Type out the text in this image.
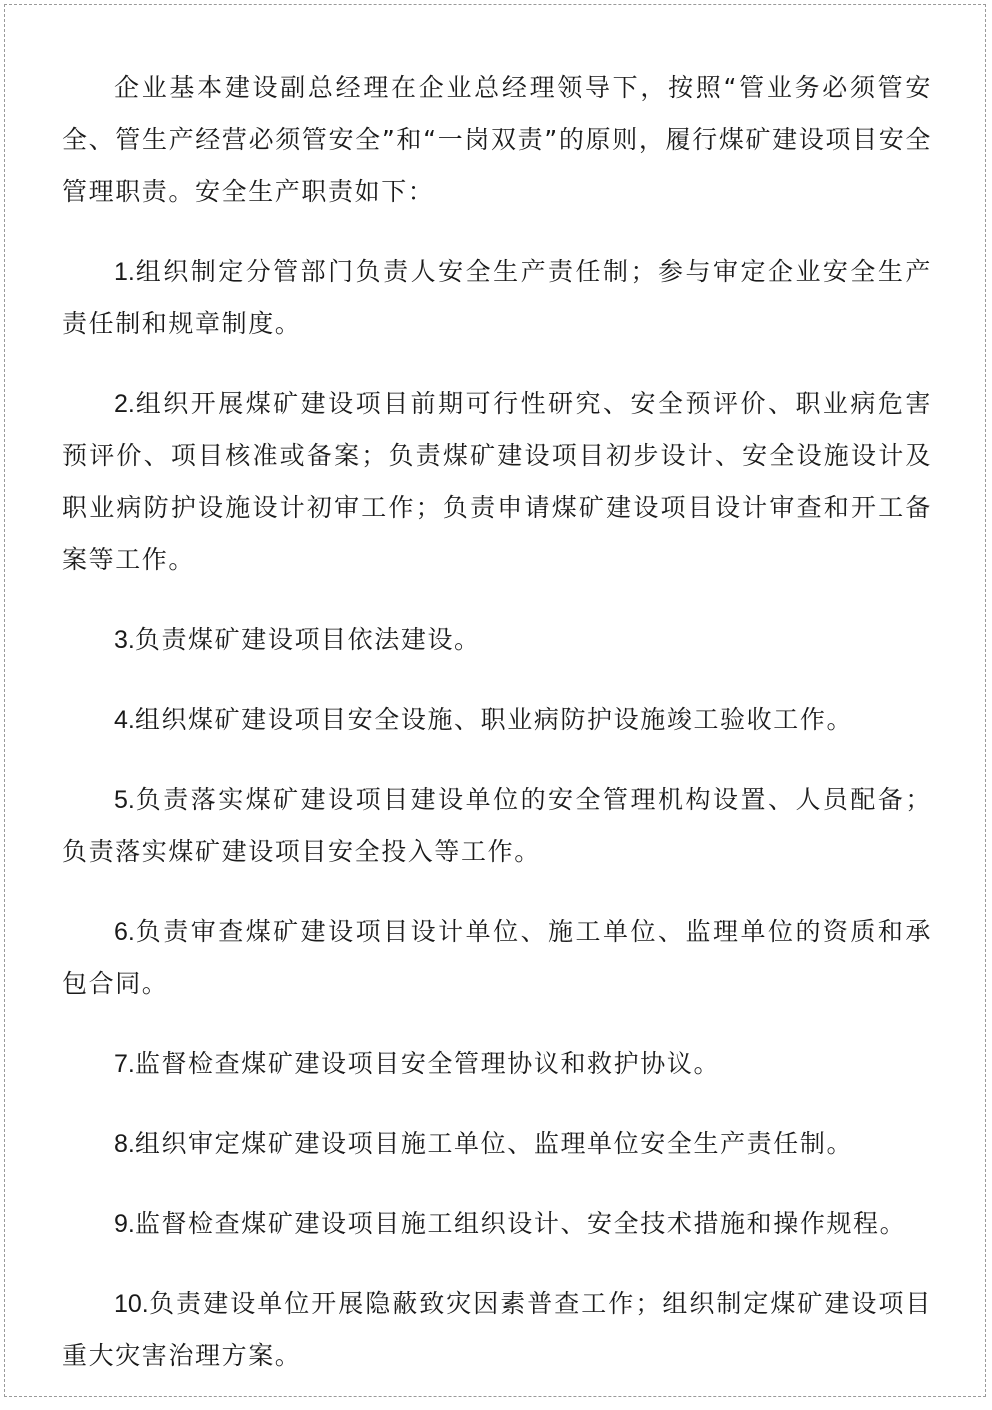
企业基本建设副总经理在企业总经理领导下，按照“管业务必须管安全、管生产经营必须管安全”和“一岗双责”的原则，履行煤矿建设项目安全管理职责。安全生产职责如下：

1.组织制定分管部门负责人安全生产责任制；参与审定企业安全生产责任制和规章制度。

2.组织开展煤矿建设项目前期可行性研究、安全预评价、职业病危害预评价、项目核准或备案；负责煤矿建设项目初步设计、安全设施设计及职业病防护设施设计初审工作；负责申请煤矿建设项目设计审查和开工备案等工作。

3.负责煤矿建设项目依法建设。

4.组织煤矿建设项目安全设施、职业病防护设施竣工验收工作。

5.负责落实煤矿建设项目建设单位的安全管理机构设置、人员配备；负责落实煤矿建设项目安全投入等工作。

6.负责审查煤矿建设项目设计单位、施工单位、监理单位的资质和承包合同。

7.监督检查煤矿建设项目安全管理协议和救护协议。

8.组织审定煤矿建设项目施工单位、监理单位安全生产责任制。

9.监督检查煤矿建设项目施工组织设计、安全技术措施和操作规程。

10.负责建设单位开展隐蔽致灾因素普查工作；组织制定煤矿建设项目重大灾害治理方案。
